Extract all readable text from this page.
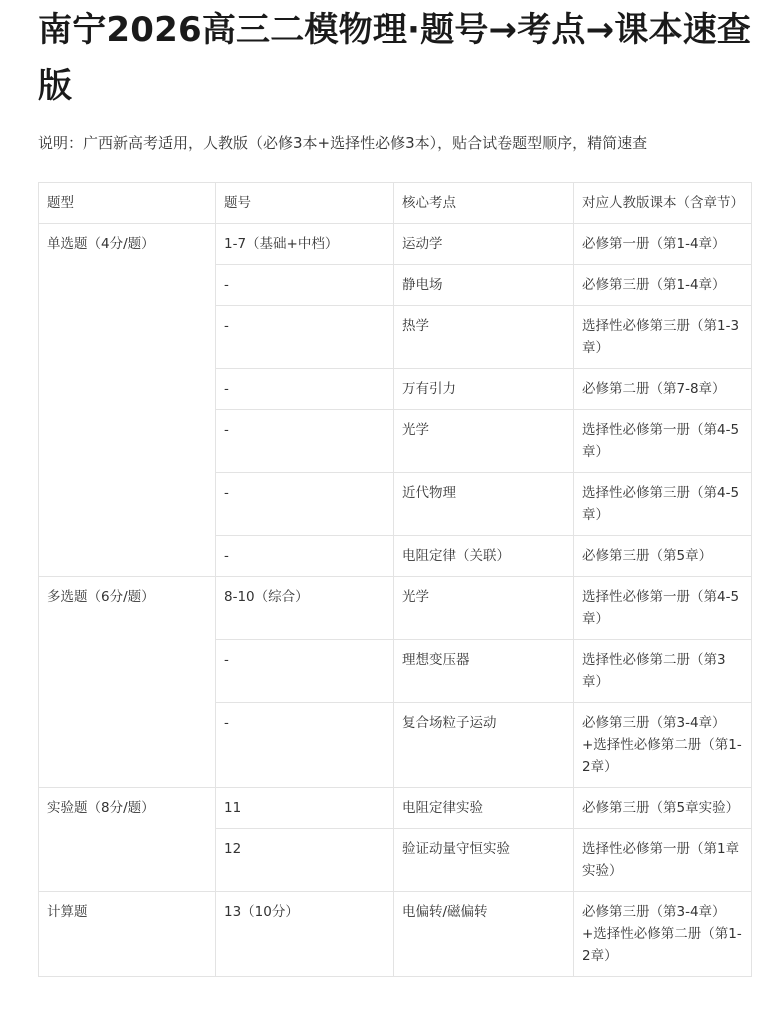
南宁2026高三二模物理·题号→考点→课本速查版

说明：广西新高考适用，人教版（必修3本+选择性必修3本），贴合试卷题型顺序，精简速查

题型	题号	核心考点	对应人教版课本（含章节）
单选题（4分/题）	1-7（基础+中档）	运动学	必修第一册（第1-4章）
	-	静电场	必修第三册（第1-4章）
	-	热学	选择性必修第三册（第1-3章）
	-	万有引力	必修第二册（第7-8章）
	-	光学	选择性必修第一册（第4-5章）
	-	近代物理	选择性必修第三册（第4-5章）
	-	电阻定律（关联）	必修第三册（第5章）
多选题（6分/题）	8-10（综合）	光学	选择性必修第一册（第4-5章）
	-	理想变压器	选择性必修第二册（第3章）
	-	复合场粒子运动	必修第三册（第3-4章）+选择性必修第二册（第1-2章）
实验题（8分/题）	11	电阻定律实验	必修第三册（第5章实验）
	12	验证动量守恒实验	选择性必修第一册（第1章实验）
计算题	13（10分）	电偏转/磁偏转	必修第三册（第3-4章）+选择性必修第二册（第1-2章）
